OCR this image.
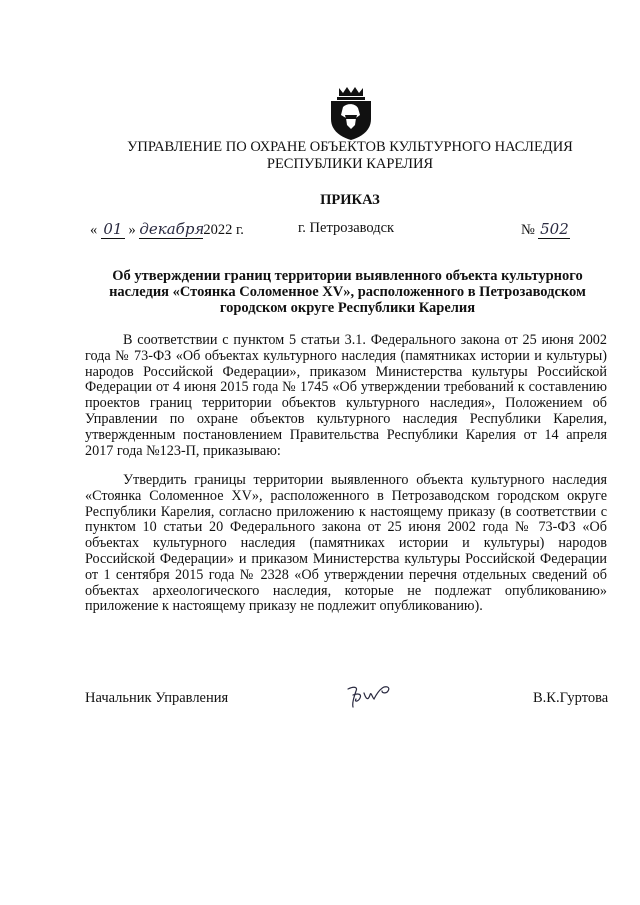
УПРАВЛЕНИЕ ПО ОХРАНЕ ОБЪЕКТОВ КУЛЬТУРНОГО НАСЛЕДИЯ
РЕСПУБЛИКИ КАРЕЛИЯ
ПРИКАЗ
« 01 » декабря2022 г.	г. Петрозаводск	№ 502
Об утверждении границ территории выявленного объекта культурного
наследия «Стоянка Соломенное XV», расположенного в Петрозаводском
городском округе Республики Карелия

В соответствии с пунктом 5 статьи 3.1. Федерального закона от 25 июня 2002 года № 73-ФЗ «Об объектах культурного наследия (памятниках истории и культуры) народов Российской Федерации», приказом Министерства культуры Российской Федерации от 4 июня 2015 года № 1745 «Об утверждении требований к составлению проектов границ территории объектов культурного наследия», Положением об Управлении по охране объектов культурного наследия Республики Карелия, утвержденным постановлением Правительства Республики Карелия от 14 апреля 2017 года №123-П, приказываю:

Утвердить границы территории выявленного объекта культурного наследия «Стоянка Соломенное XV», расположенного в Петрозаводском городском округе Республики Карелия, согласно приложению к настоящему приказу (в соответствии с пунктом 10 статьи 20 Федерального закона от 25 июня 2002 года № 73-ФЗ «Об объектах культурного наследия (памятниках истории и культуры) народов Российской Федерации» и приказом Министерства культуры Российской Федерации от 1 сентября 2015 года № 2328 «Об утверждении перечня отдельных сведений об объектах археологического наследия, которые не подлежат опубликованию» приложение к настоящему приказу не подлежит опубликованию).

Начальник Управления	В.К.Гуртова
